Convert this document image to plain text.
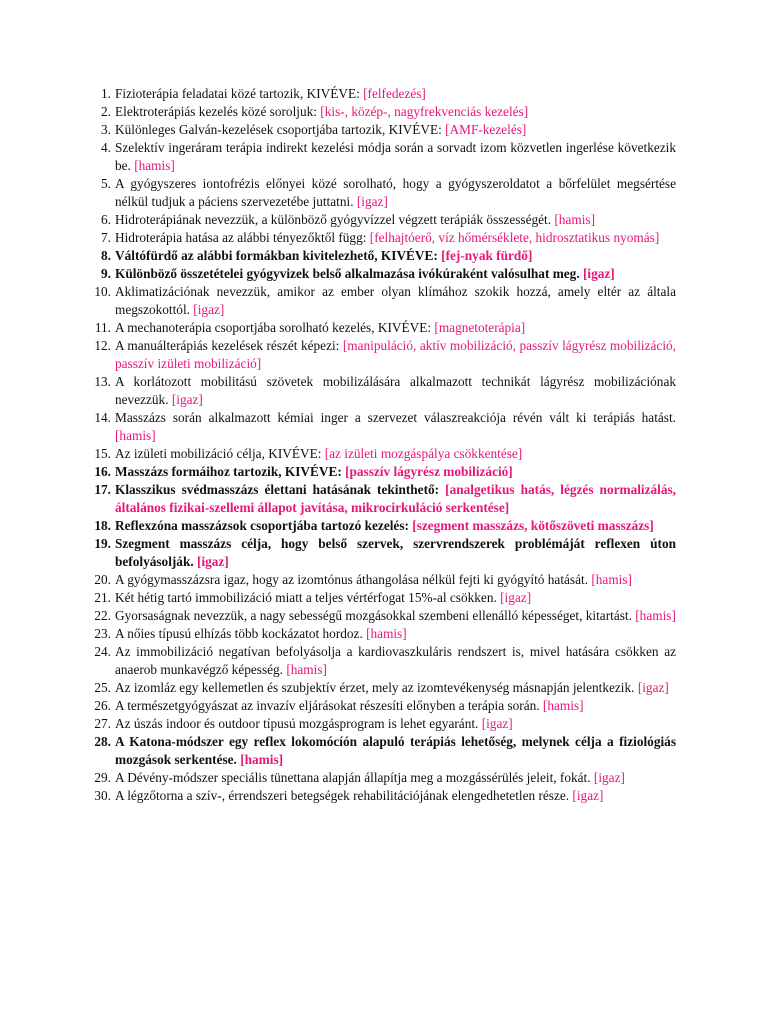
1. Fizioterápia feladatai közé tartozik, KIVÉVE: [felfedezés]
2. Elektroterápiás kezelés közé soroljuk: [kis-, közép-, nagyfrekvenciás kezelés]
3. Különleges Galván-kezelések csoportjába tartozik, KIVÉVE: [AMF-kezelés]
4. Szelektív ingeráram terápia indirekt kezelési módja során a sorvadt izom közvetlen ingerlése következik be. [hamis]
5. A gyógyszeres iontofrézis előnyei közé sorolható, hogy a gyógyszeroldatot a bőrfelület megsértése nélkül tudjuk a páciens szervezetébe juttatni. [igaz]
6. Hidroterápiának nevezzük, a különböző gyógyvízzel végzett terápiák összességét. [hamis]
7. Hidroterápia hatása az alábbi tényezőktől függ: [felhajtóerő, víz hőmérséklete, hidrosztatikus nyomás]
8. Váltófürdő az alábbi formákban kivitelezhető, KIVÉVE: [fej-nyak fürdő]
9. Különböző összetételei gyógyvizek belső alkalmazása ivókúraként valósulhat meg. [igaz]
10. Aklimatizációnak nevezzük, amikor az ember olyan klímához szokik hozzá, amely eltér az általa megszokottól. [igaz]
11. A mechanoterápia csoportjába sorolható kezelés, KIVÉVE: [magnetoterápia]
12. A manuálterápiás kezelések részét képezi: [manipuláció, aktív mobilizáció, passzív lágyrész mobilizáció, passzív izületi mobilizáció]
13. A korlátozott mobilitású szövetek mobilizálására alkalmazott technikát lágyrész mobilizációnak nevezzük. [igaz]
14. Masszázs során alkalmazott kémiai inger a szervezet válaszreakciója révén vált ki terápiás hatást. [hamis]
15. Az izületi mobilizáció célja, KIVÉVE: [az izületi mozgáspálya csökkentése]
16. Masszázs formáihoz tartozik, KIVÉVE: [passzív lágyrész mobilizáció]
17. Klasszikus svédmasszázs élettani hatásának tekinthető: [analgetikus hatás, légzés normalizálás, általános fizikai-szellemi állapot javítása, mikrocirkuláció serkentése]
18. Reflexzóna masszázsok csoportjába tartozó kezelés: [szegment masszázs, kötőszöveti masszázs]
19. Szegment masszázs célja, hogy belső szervek, szervrendszerek problémáját reflexen úton befolyásolják. [igaz]
20. A gyógymasszázsra igaz, hogy az izomtónus áthangolása nélkül fejti ki gyógyító hatását. [hamis]
21. Két hétig tartó immobilizáció miatt a teljes vértérfogat 15%-al csökken. [igaz]
22. Gyorsaságnak nevezzük, a nagy sebességű mozgásokkal szembeni ellenálló képességet, kitartást. [hamis]
23. A nőies típusú elhízás több kockázatot hordoz. [hamis]
24. Az immobilizáció negatívan befolyásolja a kardiovaszkuláris rendszert is, mivel hatására csökken az anaerob munkavégző képesség. [hamis]
25. Az izomláz egy kellemetlen és szubjektív érzet, mely az izomtevékenység másnapján jelentkezik. [igaz]
26. A természetgyógyászat az invazív eljárásokat részesíti előnyben a terápia során. [hamis]
27. Az úszás indoor és outdoor típusú mozgásprogram is lehet egyaránt. [igaz]
28. A Katona-módszer egy reflex lokomócíón alapuló terápiás lehetőség, melynek célja a fiziológiás mozgások serkentése. [hamis]
29. A Dévény-módszer speciális tünettana alapján állapítja meg a mozgássérülés jeleit, fokát. [igaz]
30. A légzőtorna a szív-, érrendszeri betegségek rehabilitációjának elengedhetetlen része. [igaz]
